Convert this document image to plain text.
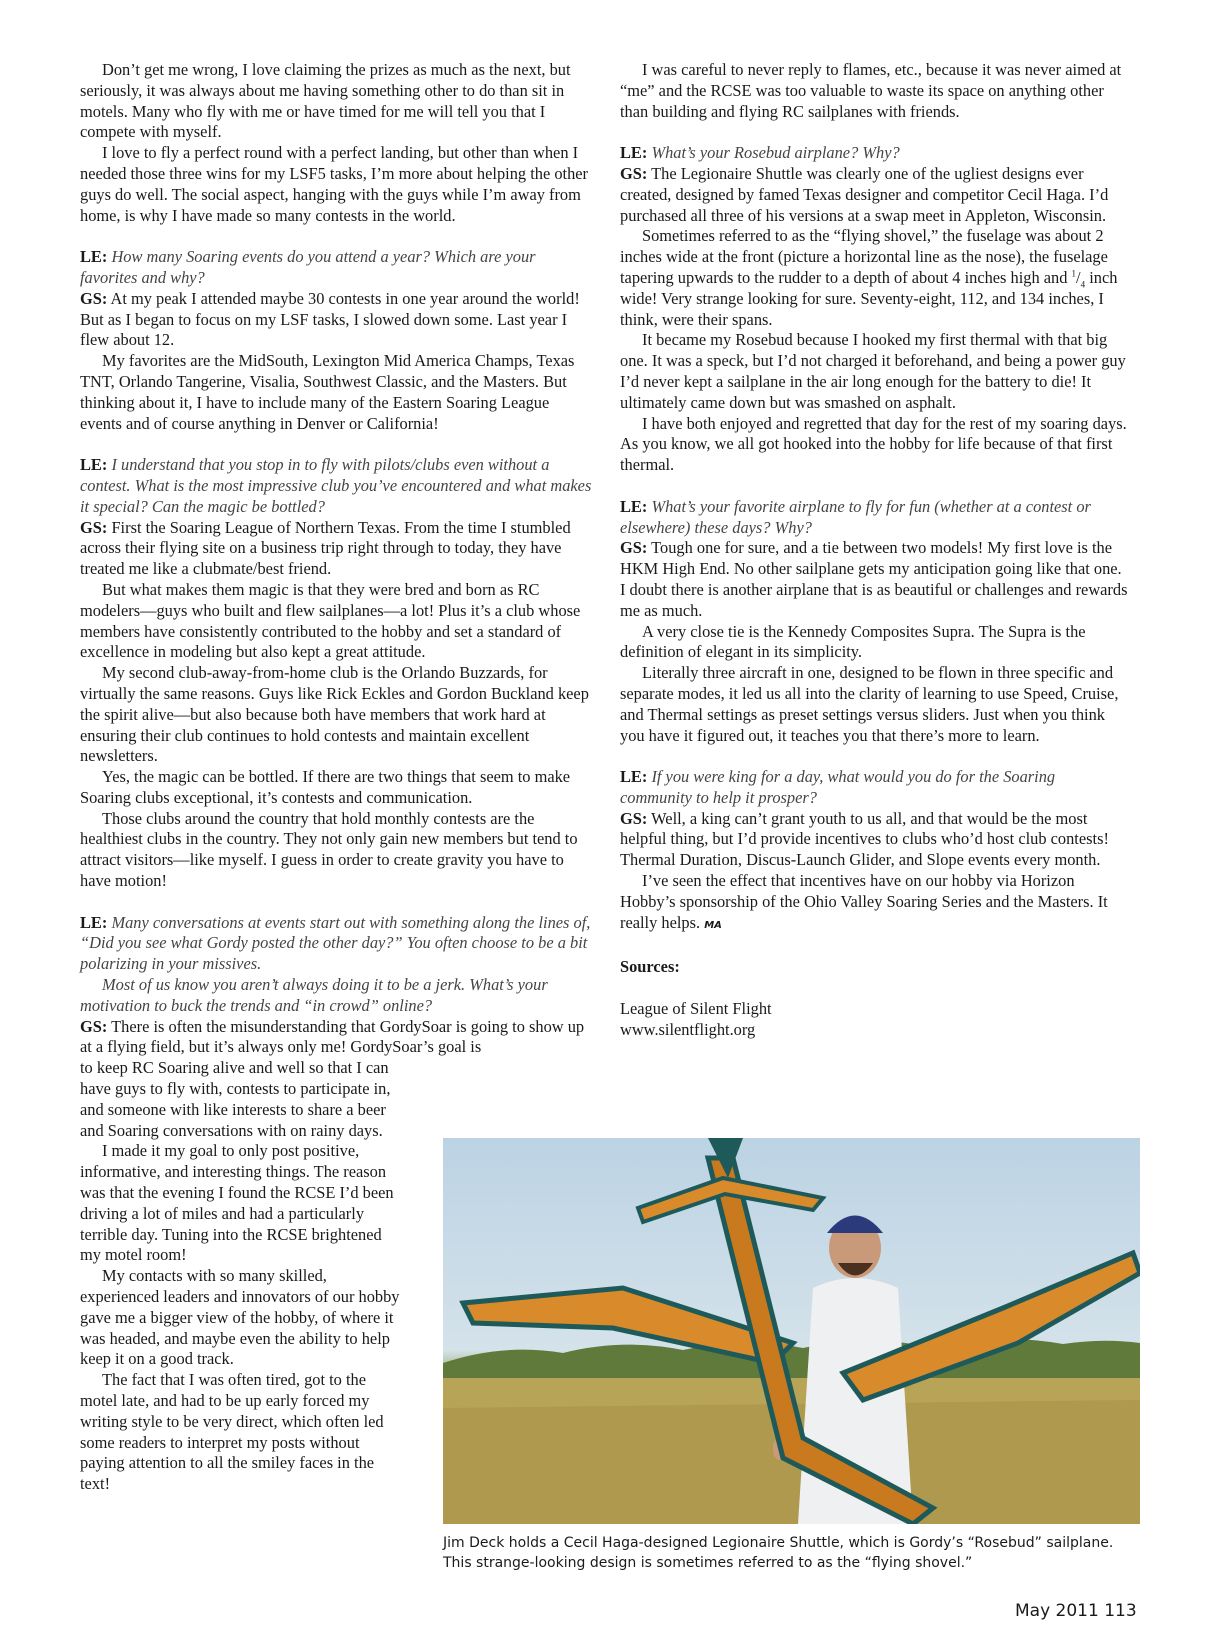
Don’t get me wrong, I love claiming the prizes as much as the next, but seriously, it was always about me having something other to do than sit in motels. Many who fly with me or have timed for me will tell you that I compete with myself.

I love to fly a perfect round with a perfect landing, but other than when I needed those three wins for my LSF5 tasks, I’m more about helping the other guys do well. The social aspect, hanging with the guys while I’m away from home, is why I have made so many contests in the world.

LE: How many Soaring events do you attend a year? Which are your favorites and why?

GS: At my peak I attended maybe 30 contests in one year around the world! But as I began to focus on my LSF tasks, I slowed down some. Last year I flew about 12.

My favorites are the MidSouth, Lexington Mid America Champs, Texas TNT, Orlando Tangerine, Visalia, Southwest Classic, and the Masters. But thinking about it, I have to include many of the Eastern Soaring League events and of course anything in Denver or California!

LE: I understand that you stop in to fly with pilots/clubs even without a contest. What is the most impressive club you’ve encountered and what makes it special? Can the magic be bottled?

GS: First the Soaring League of Northern Texas. From the time I stumbled across their flying site on a business trip right through to today, they have treated me like a clubmate/best friend.

But what makes them magic is that they were bred and born as RC modelers—guys who built and flew sailplanes—a lot! Plus it’s a club whose members have consistently contributed to the hobby and set a standard of excellence in modeling but also kept a great attitude.

My second club-away-from-home club is the Orlando Buzzards, for virtually the same reasons. Guys like Rick Eckles and Gordon Buckland keep the spirit alive—but also because both have members that work hard at ensuring their club continues to hold contests and maintain excellent newsletters.

Yes, the magic can be bottled. If there are two things that seem to make Soaring clubs exceptional, it’s contests and communication.

Those clubs around the country that hold monthly contests are the healthiest clubs in the country. They not only gain new members but tend to attract visitors—like myself. I guess in order to create gravity you have to have motion!

LE: Many conversations at events start out with something along the lines of, “Did you see what Gordy posted the other day?” You often choose to be a bit polarizing in your missives.

Most of us know you aren’t always doing it to be a jerk. What’s your motivation to buck the trends and “in crowd” online?

GS: There is often the misunderstanding that GordySoar is going to show up at a flying field, but it’s always only me! GordySoar’s goal is

to keep RC Soaring alive and well so that I can have guys to fly with, contests to participate in, and someone with like interests to share a beer and Soaring conversations with on rainy days.

I made it my goal to only post positive, informative, and interesting things. The reason was that the evening I found the RCSE I’d been driving a lot of miles and had a particularly terrible day. Tuning into the RCSE brightened my motel room!

My contacts with so many skilled, experienced leaders and innovators of our hobby gave me a bigger view of the hobby, of where it was headed, and maybe even the ability to help keep it on a good track.

The fact that I was often tired, got to the motel late, and had to be up early forced my writing style to be very direct, which often led some readers to interpret my posts without paying attention to all the smiley faces in the text!

I was careful to never reply to flames, etc., because it was never aimed at “me” and the RCSE was too valuable to waste its space on anything other than building and flying RC sailplanes with friends.

LE: What’s your Rosebud airplane? Why?

GS: The Legionaire Shuttle was clearly one of the ugliest designs ever created, designed by famed Texas designer and competitor Cecil Haga. I’d purchased all three of his versions at a swap meet in Appleton, Wisconsin.

Sometimes referred to as the “flying shovel,” the fuselage was about 2 inches wide at the front (picture a horizontal line as the nose), the fuselage tapering upwards to the rudder to a depth of about 4 inches high and $^1/_4$ inch wide! Very strange looking for sure. Seventy-eight, 112, and 134 inches, I think, were their spans.

It became my Rosebud because I hooked my first thermal with that big one. It was a speck, but I’d not charged it beforehand, and being a power guy I’d never kept a sailplane in the air long enough for the battery to die! It ultimately came down but was smashed on asphalt.

I have both enjoyed and regretted that day for the rest of my soaring days. As you know, we all got hooked into the hobby for life because of that first thermal.

LE: What’s your favorite airplane to fly for fun (whether at a contest or elsewhere) these days? Why?

GS: Tough one for sure, and a tie between two models! My first love is the HKM High End. No other sailplane gets my anticipation going like that one. I doubt there is another airplane that is as beautiful or challenges and rewards me as much.

A very close tie is the Kennedy Composites Supra. The Supra is the definition of elegant in its simplicity.

Literally three aircraft in one, designed to be flown in three specific and separate modes, it led us all into the clarity of learning to use Speed, Cruise, and Thermal settings as preset settings versus sliders. Just when you think you have it figured out, it teaches you that there’s more to learn.

LE: If you were king for a day, what would you do for the Soaring community to help it prosper?

GS: Well, a king can’t grant youth to us all, and that would be the most helpful thing, but I’d provide incentives to clubs who’d host club contests! Thermal Duration, Discus-Launch Glider, and Slope events every month.

I’ve seen the effect that incentives have on our hobby via Horizon Hobby’s sponsorship of the Ohio Valley Soaring Series and the Masters. It really helps. MA

Sources:

League of Silent Flight

www.silentflight.org

Jim Deck holds a Cecil Haga-designed Legionaire Shuttle, which is Gordy’s “Rosebud” sailplane. This strange-looking design is sometimes referred to as the “flying shovel.”
May 2011 113
